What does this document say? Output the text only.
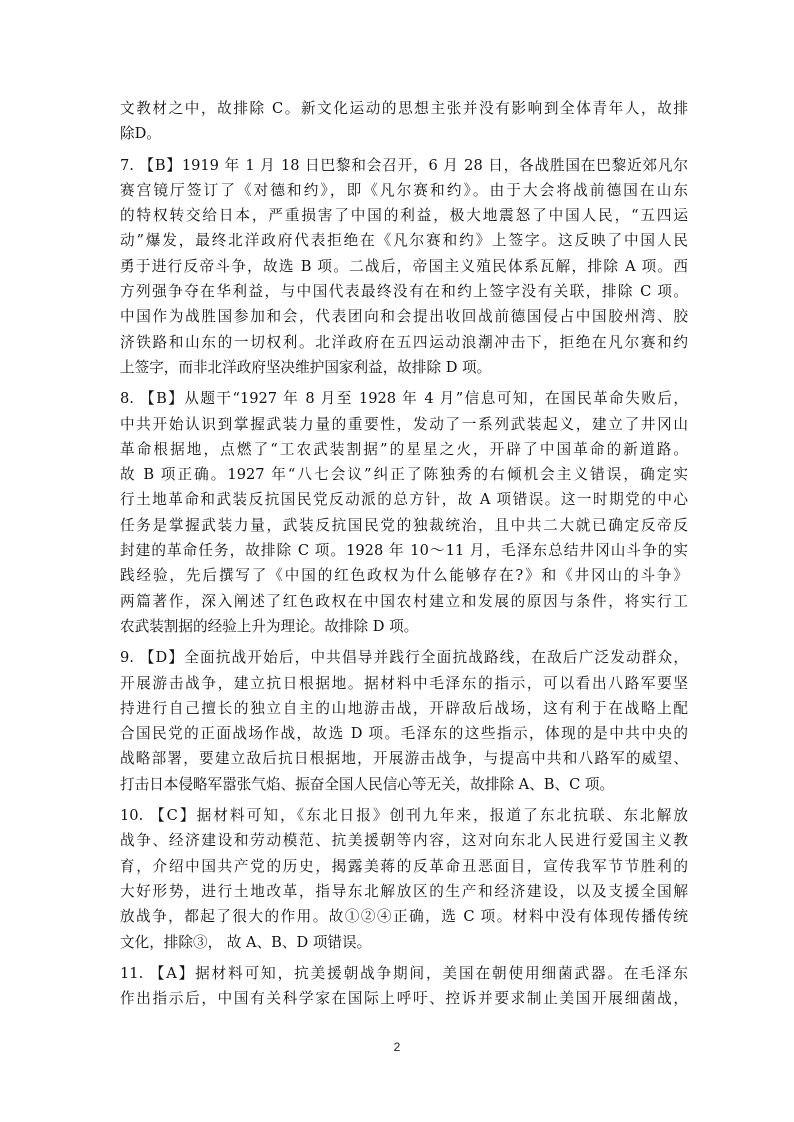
文教材之中，故排除 C。新文化运动的思想主张并没有影响到全体青年人，故排
除D。
7. 【B】1919 年 1 月 18 日巴黎和会召开，6 月 28 日，各战胜国在巴黎近郊凡尔
赛宫镜厅签订了《对德和约》，即《凡尔赛和约》。由于大会将战前德国在山东
的特权转交给日本，严重损害了中国的利益，极大地震怒了中国人民，“五四运
动”爆发，最终北洋政府代表拒绝在《凡尔赛和约》上签字。这反映了中国人民
勇于进行反帝斗争，故选 B 项。二战后，帝国主义殖民体系瓦解，排除 A 项。西
方列强争夺在华利益，与中国代表最终没有在和约上签字没有关联，排除 C 项。
中国作为战胜国参加和会，代表团向和会提出收回战前德国侵占中国胶州湾、胶
济铁路和山东的一切权利。北洋政府在五四运动浪潮冲击下，拒绝在凡尔赛和约
上签字，而非北洋政府坚决维护国家利益，故排除 D 项。
8. 【B】从题干“1927 年 8 月至 1928 年 4 月”信息可知，在国民革命失败后，
中共开始认识到掌握武装力量的重要性，发动了一系列武装起义，建立了井冈山
革命根据地，点燃了“工农武装割据”的星星之火，开辟了中国革命的新道路。
故 B 项正确。1927 年“八七会议”纠正了陈独秀的右倾机会主义错误，确定实
行土地革命和武装反抗国民党反动派的总方针，故 A 项错误。这一时期党的中心
任务是掌握武装力量，武装反抗国民党的独裁统治，且中共二大就已确定反帝反
封建的革命任务，故排除 C 项。1928 年 10～11 月，毛泽东总结井冈山斗争的实
践经验，先后撰写了《中国的红色政权为什么能够存在?》和《井冈山的斗争》
两篇著作，深入阐述了红色政权在中国农村建立和发展的原因与条件，将实行工
农武装割据的经验上升为理论。故排除 D 项。
9. 【D】全面抗战开始后，中共倡导并践行全面抗战路线，在敌后广泛发动群众，
开展游击战争，建立抗日根据地。据材料中毛泽东的指示，可以看出八路军要坚
持进行自己擅长的独立自主的山地游击战，开辟敌后战场，这有利于在战略上配
合国民党的正面战场作战，故选 D 项。毛泽东的这些指示，体现的是中共中央的
战略部署，要建立敌后抗日根据地，开展游击战争，与提高中共和八路军的威望、
打击日本侵略军嚣张气焰、振奋全国人民信心等无关，故排除 A、B、C 项。
10. 【C】据材料可知，《东北日报》创刊九年来，报道了东北抗联、东北解放
战争、经济建设和劳动模范、抗美援朝等内容，这对向东北人民进行爱国主义教
育，介绍中国共产党的历史，揭露美蒋的反革命丑恶面目，宣传我军节节胜利的
大好形势，进行土地改革，指导东北解放区的生产和经济建设，以及支援全国解
放战争，都起了很大的作用。故①②④正确，选 C 项。材料中没有体现传播传统
文化，排除③， 故 A、B、D 项错误。
11. 【A】据材料可知，抗美援朝战争期间，美国在朝使用细菌武器。在毛泽东
作出指示后，中国有关科学家在国际上呼吁、控诉并要求制止美国开展细菌战，
2
